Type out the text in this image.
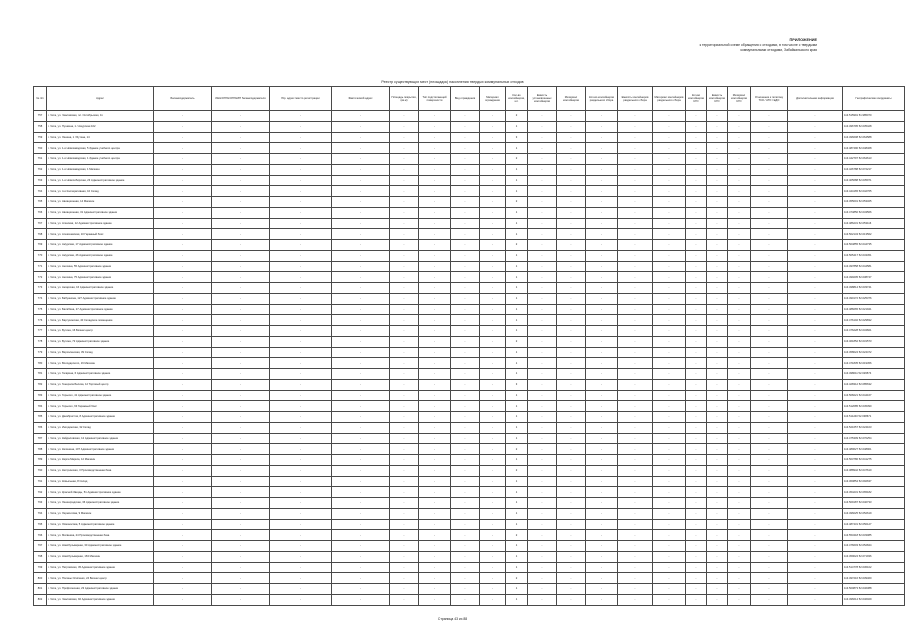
ПРИЛОЖЕНИЕ
к территориальной схеме обращения с отходами, в том числе с твердыми
коммунальными отходами, Забайкальского края
Реестр существующих мест (площадок) накопления твердых коммунальных отходов
№ п/п	Адрес	Балансодержатель	ИНН/ОГРН/ОГРНИП балансодержателя	Юр. адрес /место регистрации	Фактический адрес	Площадь покрытия, (кв.м)	Тип подстилающей поверхности	Вид ограждения	Материал ограждения	Кол-во контейнеров, шт.	Емкость установленных контейнеров	Материал контейнеров	Кол-во контейнеров раздельного сбора	Емкость контейнеров раздельного сбора	Материал контейнеров раздельного сбора	Кол-во контейнеров КГО	Емкость контейнеров КГО	Материал контейнеров КГО	Отношение к полигону ТКО / АТО / ЕДО	Дополнительная информация	Географические координаты
757	г. Чита, ул. Чкаловская, пл. Октябрьская, 11	-	-	-	-	-	-	-	-	2	-	-	-	-	-	-	-	-	-	-	113.515991 51.985070
758	г. Чита, ул. Пушкина, 1 / Амурская 102	-	-	-	-	-	-	-	-	1	-	-	-	-	-	-	-	-	-	-	113.496795 52.035428
759	г. Чита, ул. Ленина, 1 / Бутина, 14	-	-	-	-	-	-	-	-	3	-	-	-	-	-	-	-	-	-	-	113.496608 52.064588
760	г. Чита, ул. 1-я Новозаводская, 5 Здание учебного центра	-	-	-	-	-	-	-	-	1	-	-	-	-	-	-	-	-	-	-	113.487490 52.048468
761	г. Чита, ул. 1-я Новозаводская, 1 Здание учебного центра	-	-	-	-	-	-	-	-	2	-	-	-	-	-	-	-	-	-	-	113.442797 52.064613
762	г. Чита, ул. 1-я Новозаводская, 1 Магазин	-	-	-	-	-	-	-	-	1	-	-	-	-	-	-	-	-	-	-	113.426788 52.072217
763	г. Чита, ул. 1-я Новосибирская, 23 Административное здание	-	-	-	-	-	-	-	-	1	-	-	-	-	-	-	-	-	-	-	113.405688 52.035971
764	г. Чита, ул. 4-я Кооперативная, 10 Склад	-	-	-	-	-	-	-	-	1	-	-	-	-	-	-	-	-	-	-	113.444165 52.042765
765	г. Чита, ул. Авиационная, 14 Магазин	-	-	-	-	-	-	-	-	2	-	-	-	-	-	-	-	-	-	-	113.455001 52.053325
766	г. Чита, ул. Авиационная, 31 Административное здание	-	-	-	-	-	-	-	-	1	-	-	-	-	-	-	-	-	-	-	113.474850 52.043566
767	г. Чита, ул. Агинская, 12 Административное здание	-	-	-	-	-	-	-	-	1	-	-	-	-	-	-	-	-	-	-	113.486231 52.053116
768	г. Чита, ул. Алексеевская, 10 Гаражный бокс	-	-	-	-	-	-	-	-	1	-	-	-	-	-	-	-	-	-	-	113.502143 52.013562
769	г. Чита, ул. Амурская, 17 Административное здание	-	-	-	-	-	-	-	-	2	-	-	-	-	-	-	-	-	-	-	113.504855 52.044735
770	г. Чита, ул. Амурская, 46 Административное здание	-	-	-	-	-	-	-	-	1	-	-	-	-	-	-	-	-	-	-	113.505417 52.043451
771	г. Чита, ул. Анохина, 55 Административное здание	-	-	-	-	-	-	-	-	1	-	-	-	-	-	-	-	-	-	-	113.497858 52.044581
772	г. Чита, ул. Анохина, 75 Административное здание	-	-	-	-	-	-	-	-	1	-	-	-	-	-	-	-	-	-	-	113.499205 52.038747
773	г. Чита, ул. Ангарская, 16 Административное здание	-	-	-	-	-	-	-	-	1	-	-	-	-	-	-	-	-	-	-	113.498814 52.033741
774	г. Чита, ул. Бабушкина, 127 Административное здание	-	-	-	-	-	-	-	-	1	-	-	-	-	-	-	-	-	-	-	113.490172 52.025376
775	г. Чита, ул. Балябина, 27 Административное здание	-	-	-	-	-	-	-	-	1	-	-	-	-	-	-	-	-	-	-	113.488265 52.021941
776	г. Чита, ул. Баргузинская, 40 Складское помещение	-	-	-	-	-	-	-	-	1	-	-	-	-	-	-	-	-	-	-	113.476102 52.029832
777	г. Чита, ул. Бутина, 16 Бизнес-центр	-	-	-	-	-	-	-	-	1	-	-	-	-	-	-	-	-	-	-	113.476228 52.034821
778	г. Чита, ул. Бутина, 72 Административное здание	-	-	-	-	-	-	-	-	2	-	-	-	-	-	-	-	-	-	-	113.461852 52.031573
779	г. Чита, ул. Верхоленская, 39 Склад	-	-	-	-	-	-	-	-	1	-	-	-	-	-	-	-	-	-	-	113.458024 52.024472
780	г. Чита, ул. Володарского, 16 Магазин	-	-	-	-	-	-	-	-	1	-	-	-	-	-	-	-	-	-	-	113.471835 52.019456
781	г. Чита, ул. Гагарина, 6 Административное здание	-	-	-	-	-	-	-	-	1	-	-	-	-	-	-	-	-	-	-	113.498011 52.029574
782	г. Чита, ул. Генерала Белика, 12 Торговый центр	-	-	-	-	-	-	-	-	3	-	-	-	-	-	-	-	-	-	-	113.428312 52.085632
783	г. Чита, ул. Горького, 41 Административное здание	-	-	-	-	-	-	-	-	1	-	-	-	-	-	-	-	-	-	-	113.508221 52.044167
784	г. Чита, ул. Горького, 63 Гаражный бокс	-	-	-	-	-	-	-	-	1	-	-	-	-	-	-	-	-	-	-	113.512085 52.045390
785	г. Чита, ул. Декабристов, 8 Административное здание	-	-	-	-	-	-	-	-	1	-	-	-	-	-	-	-	-	-	-	113.511240 52.038671
786	г. Чита, ул. Ингодинская, 32 Склад	-	-	-	-	-	-	-	-	1	-	-	-	-	-	-	-	-	-	-	113.521657 52.024103
787	г. Чита, ул. Кайдаловская, 12 Административное здание	-	-	-	-	-	-	-	-	1	-	-	-	-	-	-	-	-	-	-	113.475309 52.070254
788	г. Чита, ул. Калинина, 107 Административное здание	-	-	-	-	-	-	-	-	2	-	-	-	-	-	-	-	-	-	-	113.489627 52.048901
789	г. Чита, ул. Карла Маркса, 12 Магазин	-	-	-	-	-	-	-	-	1	-	-	-	-	-	-	-	-	-	-	113.503786 52.041275
790	г. Чита, ул. Кастринская, 3 Производственная база	-	-	-	-	-	-	-	-	2	-	-	-	-	-	-	-	-	-	-	113.388942 52.047610
791	г. Чита, ул. Ковыльная, 8 Склад	-	-	-	-	-	-	-	-	1	-	-	-	-	-	-	-	-	-	-	113.360854 52.092637
792	г. Чита, ул. Красной Звезды, 51 Административное здание	-	-	-	-	-	-	-	-	1	-	-	-	-	-	-	-	-	-	-	113.454231 52.065182
793	г. Чита, ул. Ленинградская, 36 Административное здание	-	-	-	-	-	-	-	-	1	-	-	-	-	-	-	-	-	-	-	113.509187 52.040733
794	г. Чита, ул. Лермонтова, 9 Магазин	-	-	-	-	-	-	-	-	1	-	-	-	-	-	-	-	-	-	-	113.496025 52.052619
795	г. Чита, ул. Ломоносова, 5 Административное здание	-	-	-	-	-	-	-	-	1	-	-	-	-	-	-	-	-	-	-	113.487431 52.050127
796	г. Чита, ул. Матвеева, 24 Производственная база	-	-	-	-	-	-	-	-	2	-	-	-	-	-	-	-	-	-	-	113.553418 52.033085
797	г. Чита, ул. Новобульварная, 30 Административное здание	-	-	-	-	-	-	-	-	1	-	-	-	-	-	-	-	-	-	-	113.476603 52.052844
798	г. Чита, ул. Новобульварная, 163 Магазин	-	-	-	-	-	-	-	-	1	-	-	-	-	-	-	-	-	-	-	113.459024 52.071936
799	г. Чита, ул. Петровская, 45 Административное здание	-	-	-	-	-	-	-	-	1	-	-	-	-	-	-	-	-	-	-	113.514778 52.036102
800	г. Чита, ул. Полины Осипенко, 24 Бизнес-центр	-	-	-	-	-	-	-	-	2	-	-	-	-	-	-	-	-	-	-	113.497216 52.039460
801	г. Чита, ул. Профсоюзная, 23 Административное здание	-	-	-	-	-	-	-	-	1	-	-	-	-	-	-	-	-	-	-	113.500873 52.046388
802	г. Чита, ул. Чкаловская, 92 Административное здание	-	-	-	-	-	-	-	-	1	-	-	-	-	-	-	-	-	-	-	113.496614 52.046029
Страница 43 из 88
